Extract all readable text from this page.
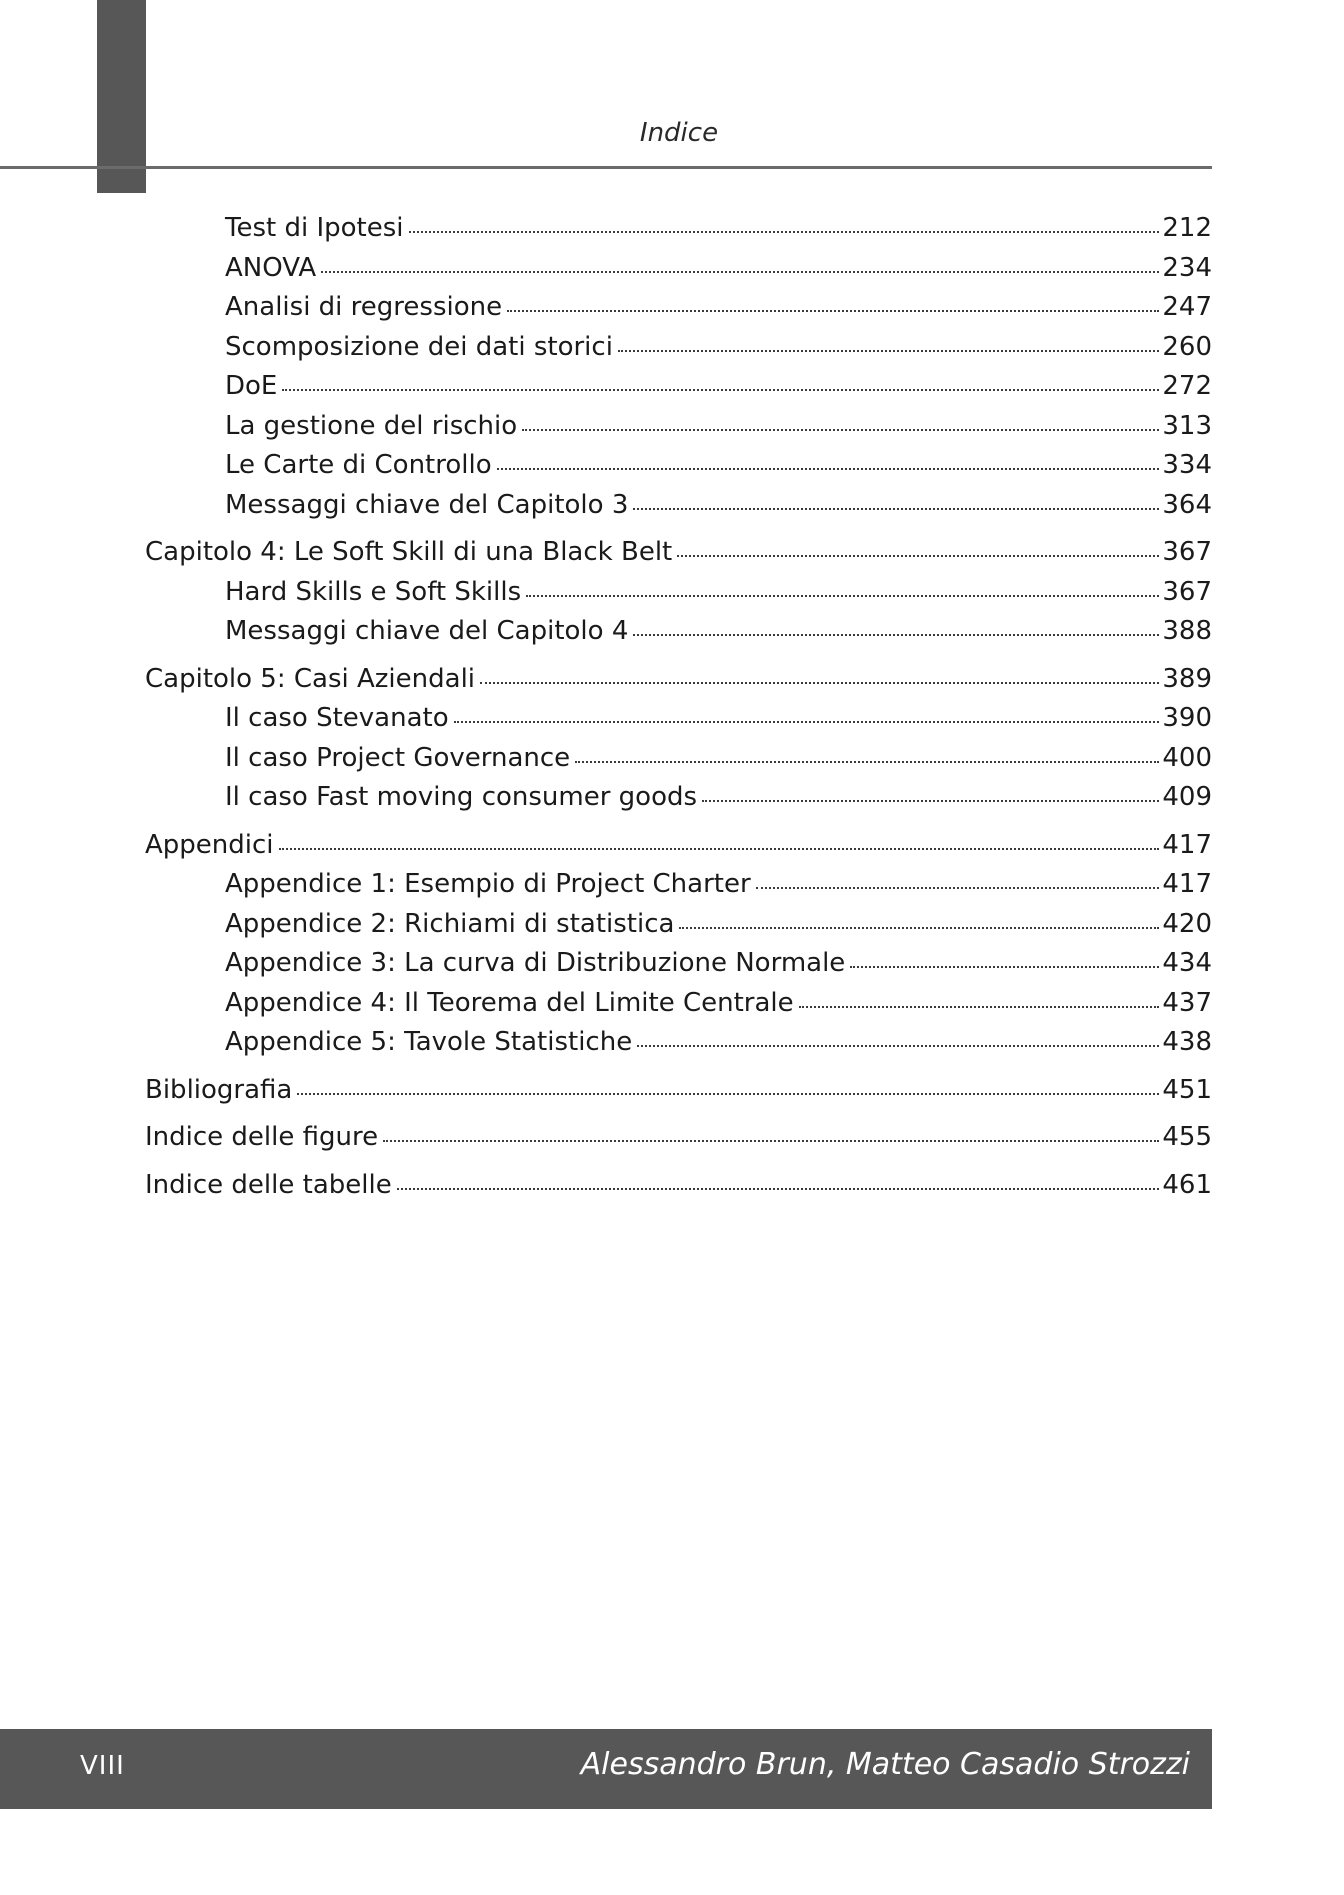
Indice
Test di Ipotesi	212
ANOVA	234
Analisi di regressione	247
Scomposizione dei dati storici	260
DoE	272
La gestione del rischio	313
Le Carte di Controllo	334
Messaggi chiave del Capitolo 3	364
Capitolo 4: Le Soft Skill di una Black Belt	367
Hard Skills e Soft Skills	367
Messaggi chiave del Capitolo 4	388
Capitolo 5: Casi Aziendali	389
Il caso Stevanato	390
Il caso Project Governance	400
Il caso Fast moving consumer goods	409
Appendici	417
Appendice 1: Esempio di Project Charter	417
Appendice 2: Richiami di statistica	420
Appendice 3: La curva di Distribuzione Normale	434
Appendice 4: Il Teorema del Limite Centrale	437
Appendice 5: Tavole Statistiche	438
Bibliografia	451
Indice delle figure	455
Indice delle tabelle	461
VIII	Alessandro Brun, Matteo Casadio Strozzi
